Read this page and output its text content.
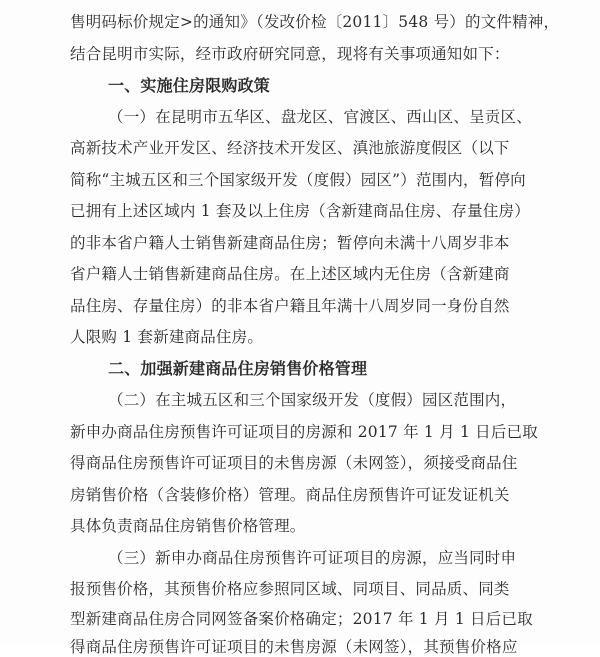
售明码标价规定>的通知》（发改价检〔2011〕548 号）的文件精神，
结合昆明市实际，经市政府研究同意，现将有关事项通知如下：
一、实施住房限购政策
（一）在昆明市五华区、盘龙区、官渡区、西山区、呈贡区、
高新技术产业开发区、经济技术开发区、滇池旅游度假区（以下
简称“主城五区和三个国家级开发（度假）园区”）范围内，暂停向
已拥有上述区域内 1 套及以上住房（含新建商品住房、存量住房）
的非本省户籍人士销售新建商品住房；暂停向未满十八周岁非本
省户籍人士销售新建商品住房。在上述区域内无住房（含新建商
品住房、存量住房）的非本省户籍且年满十八周岁同一身份自然
人限购 1 套新建商品住房。
二、加强新建商品住房销售价格管理
（二）在主城五区和三个国家级开发（度假）园区范围内，
新申办商品住房预售许可证项目的房源和 2017 年 1 月 1 日后已取
得商品住房预售许可证项目的未售房源（未网签），须接受商品住
房销售价格（含装修价格）管理。商品住房预售许可证发证机关
具体负责商品住房销售价格管理。
（三）新申办商品住房预售许可证项目的房源，应当同时申
报预售价格，其预售价格应参照同区域、同项目、同品质、同类
型新建商品住房合同网签备案价格确定；2017 年 1 月 1 日后已取
得商品住房预售许可证项目的未售房源（未网签），其预售价格应
